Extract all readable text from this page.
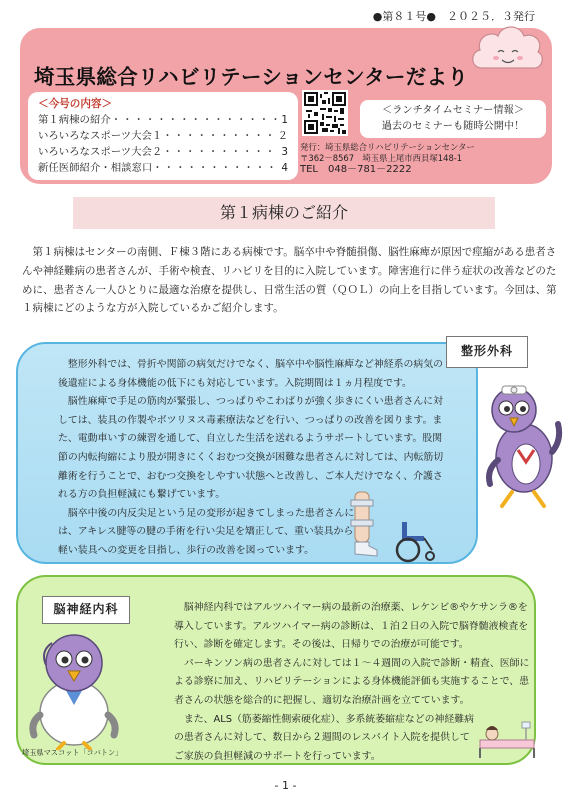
●第８１号●　２０２５．３発行
埼玉県総合リハビリテーションセンターだより
＜今号の内容＞
第１病棟の紹介 ・・・・・・・・・・・・・・・・・・・・・・・・・・・・・・・・	1
いろいろなスポーツ大会１ ・・・・・・・・・・・・・・・・・・・・・・・・・・・・・・・・	２
いろいろなスポーツ大会２ ・・・・・・・・・・・・・・・・・・・・・・・・・・・・・・・・	3
新任医師紹介・相談窓口 ・・・・・・・・・・・・・・・・・・・・・・・・・・・・・・・・	4
＜ランチタイムセミナー情報＞
過去のセミナーも随時公開中！
発行：埼玉県総合リハビリテーションセンター
〒362－8567　埼玉県上尾市西貝塚148-1
TEL　048－781－2222
第１病棟のご紹介
第１病棟はセンターの南側、Ｆ棟３階にある病棟です。脳卒中や脊髄損傷、脳性麻痺が原因で痙縮がある患者さんや神経難病の患者さんが、手術や検査、リハビリを目的に入院しています。障害進行に伴う症状の改善などのために、患者さん一人ひとりに最適な治療を提供し、日常生活の質（ＱＯＬ）の向上を目指しています。今回は、第１病棟にどのような方が入院しているかご紹介します。
整形外科では、骨折や関節の病気だけでなく、脳卒中や脳性麻痺など神経系の病気の後遺症による身体機能の低下にも対応しています。入院期間は１ヵ月程度です。
脳性麻痺で手足の筋肉が緊張し、つっぱりやこわばりが強く歩きにくい患者さんに対しては、装具の作製やボツリヌス毒素療法などを行い、つっぱりの改善を図ります。また、電動車いすの練習を通して、自立した生活を送れるようサポートしています。股関節の内転拘縮により股が開きにくくおむつ交換が困難な患者さんに対しては、内転筋切離術を行うことで、おむつ交換をしやすい状態へと改善し、ご本人だけでなく、介護される方の負担軽減にも繋げています。
脳卒中後の内反尖足という足の変形が起きてしまった患者さんには、アキレス腱等の腱の手術を行い尖足を矯正して、重い装具から軽い装具への変更を目指し、歩行の改善を図っています。
整形外科
脳神経内科ではアルツハイマー病の最新の治療薬、レケンビ®やケサンラ®を導入しています。アルツハイマー病の診断は、１泊２日の入院で脳脊髄液検査を行い、診断を確定します。その後は、日帰りでの治療が可能です。
パーキンソン病の患者さんに対しては１～４週間の入院で診断・精査、医師による診察に加え、リハビリテーションによる身体機能評価も実施することで、患者さんの状態を総合的に把握し、適切な治療計画を立てています。
また、ALS（筋萎縮性側索硬化症）、多系統萎縮症などの神経難病の患者さんに対して、数日から２週間のレスパイト入院を提供してご家族の負担軽減のサポートを行っています。
脳神経内科
埼玉県マスコット「コバトン」
- 1 -
